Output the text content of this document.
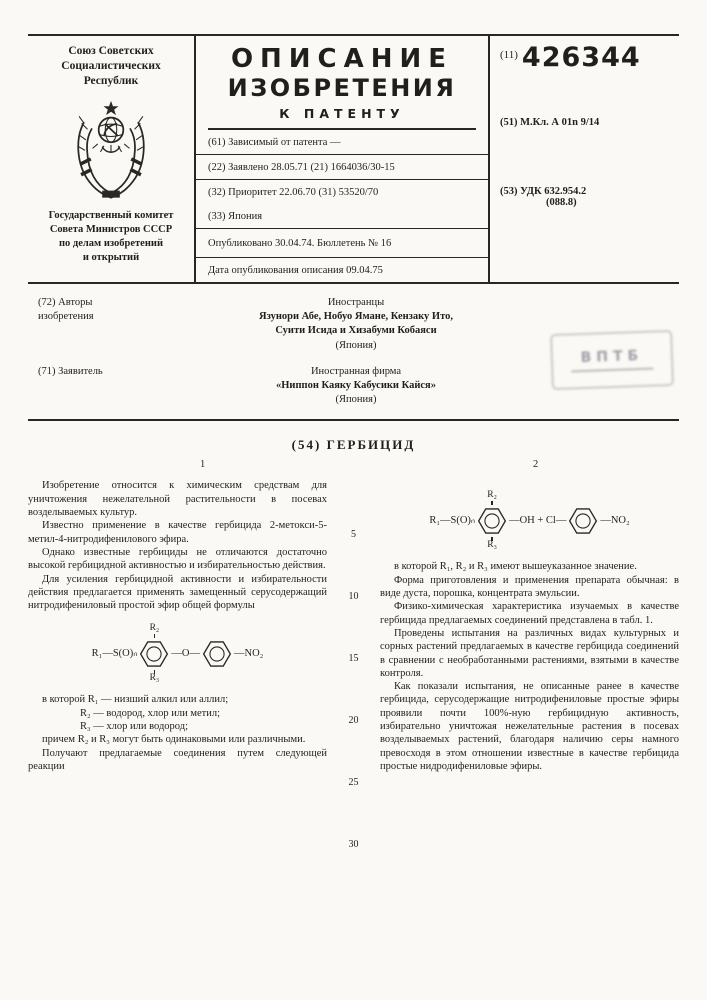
Союз Советских
Социалистических
Республик
Государственный комитет
Совета Министров СССР
по делам изобретений
и открытий
ОПИСАНИЕ
ИЗОБРЕТЕНИЯ
К ПАТЕНТУ
(61) Зависимый от патента —
(22) Заявлено 28.05.71 (21) 1664036/30-15
(32) Приоритет 22.06.70 (31) 53520/70
(33) Япония
Опубликовано 30.04.74. Бюллетень № 16
Дата опубликования описания 09.04.75
(11) 426344
(51) М.Кл. А 01n 9/14
(53) УДК 632.954.2
(088.8)
(72) Авторы
изобретения
Иностранцы
Язунори Абе, Нобуо Ямане, Кензаку Ито,
Суити Исида и Хизабуми Кобаяси
(Япония)
(71) Заявитель	Иностранная фирма
«Ниппон Каяку Кабусики Кайся»
(Япония)
ВПТБ
(54) ГЕРБИЦИД
1	2

Изобретение относится к химическим средствам для уничтожения нежелательной растительности в посевах возделываемых культур.

Известно применение в качестве гербицида 2-метокси-5-метил-4-нитродифенилового эфира.

Однако известные гербициды не отличаются достаточно высокой гербицидной активностью и избирательностью действия.

Для усиления гербицидной активности и избирательности действия предлагается применять замещенный серусодержащий нитродифениловый простой эфир общей формулы

R₁—S(O)ₙ
R₂
R₃
—O—	—NO₂
в которой R₁ — низший алкил или аллил;
R₂ — водород, хлор или метил;
R₃ — хлор или водород;
причем R₂ и R₃ могут быть одинаковыми или различными.

Получают предлагаемые соединения путем следующей реакции

5
10
15
20
25
30
R₁—S(O)ₙ
R₂
R₃
—OH + Cl—	—NO₂

в которой R₁, R₂ и R₃ имеют вышеуказанное значение.

Форма приготовления и применения препарата обычная: в виде дуста, порошка, концентрата эмульсии.

Физико-химическая характеристика изучаемых в качестве гербицида предлагаемых соединений представлена в табл. 1.

Проведены испытания на различных видах культурных и сорных растений предлагаемых в качестве гербицида соединений в сравнении с необработанными растениями, взятыми в качестве контроля.

Как показали испытания, не описанные ранее в качестве гербицида, серусодержащие нитродифениловые простые эфиры проявили почти 100%-ную гербицидную активность, избирательно уничтожая нежелательные растения в посевах возделываемых растений, благодаря наличию серы намного превосходя в этом отношении известные в качестве гербицида простые нидродифениловые эфиры.
